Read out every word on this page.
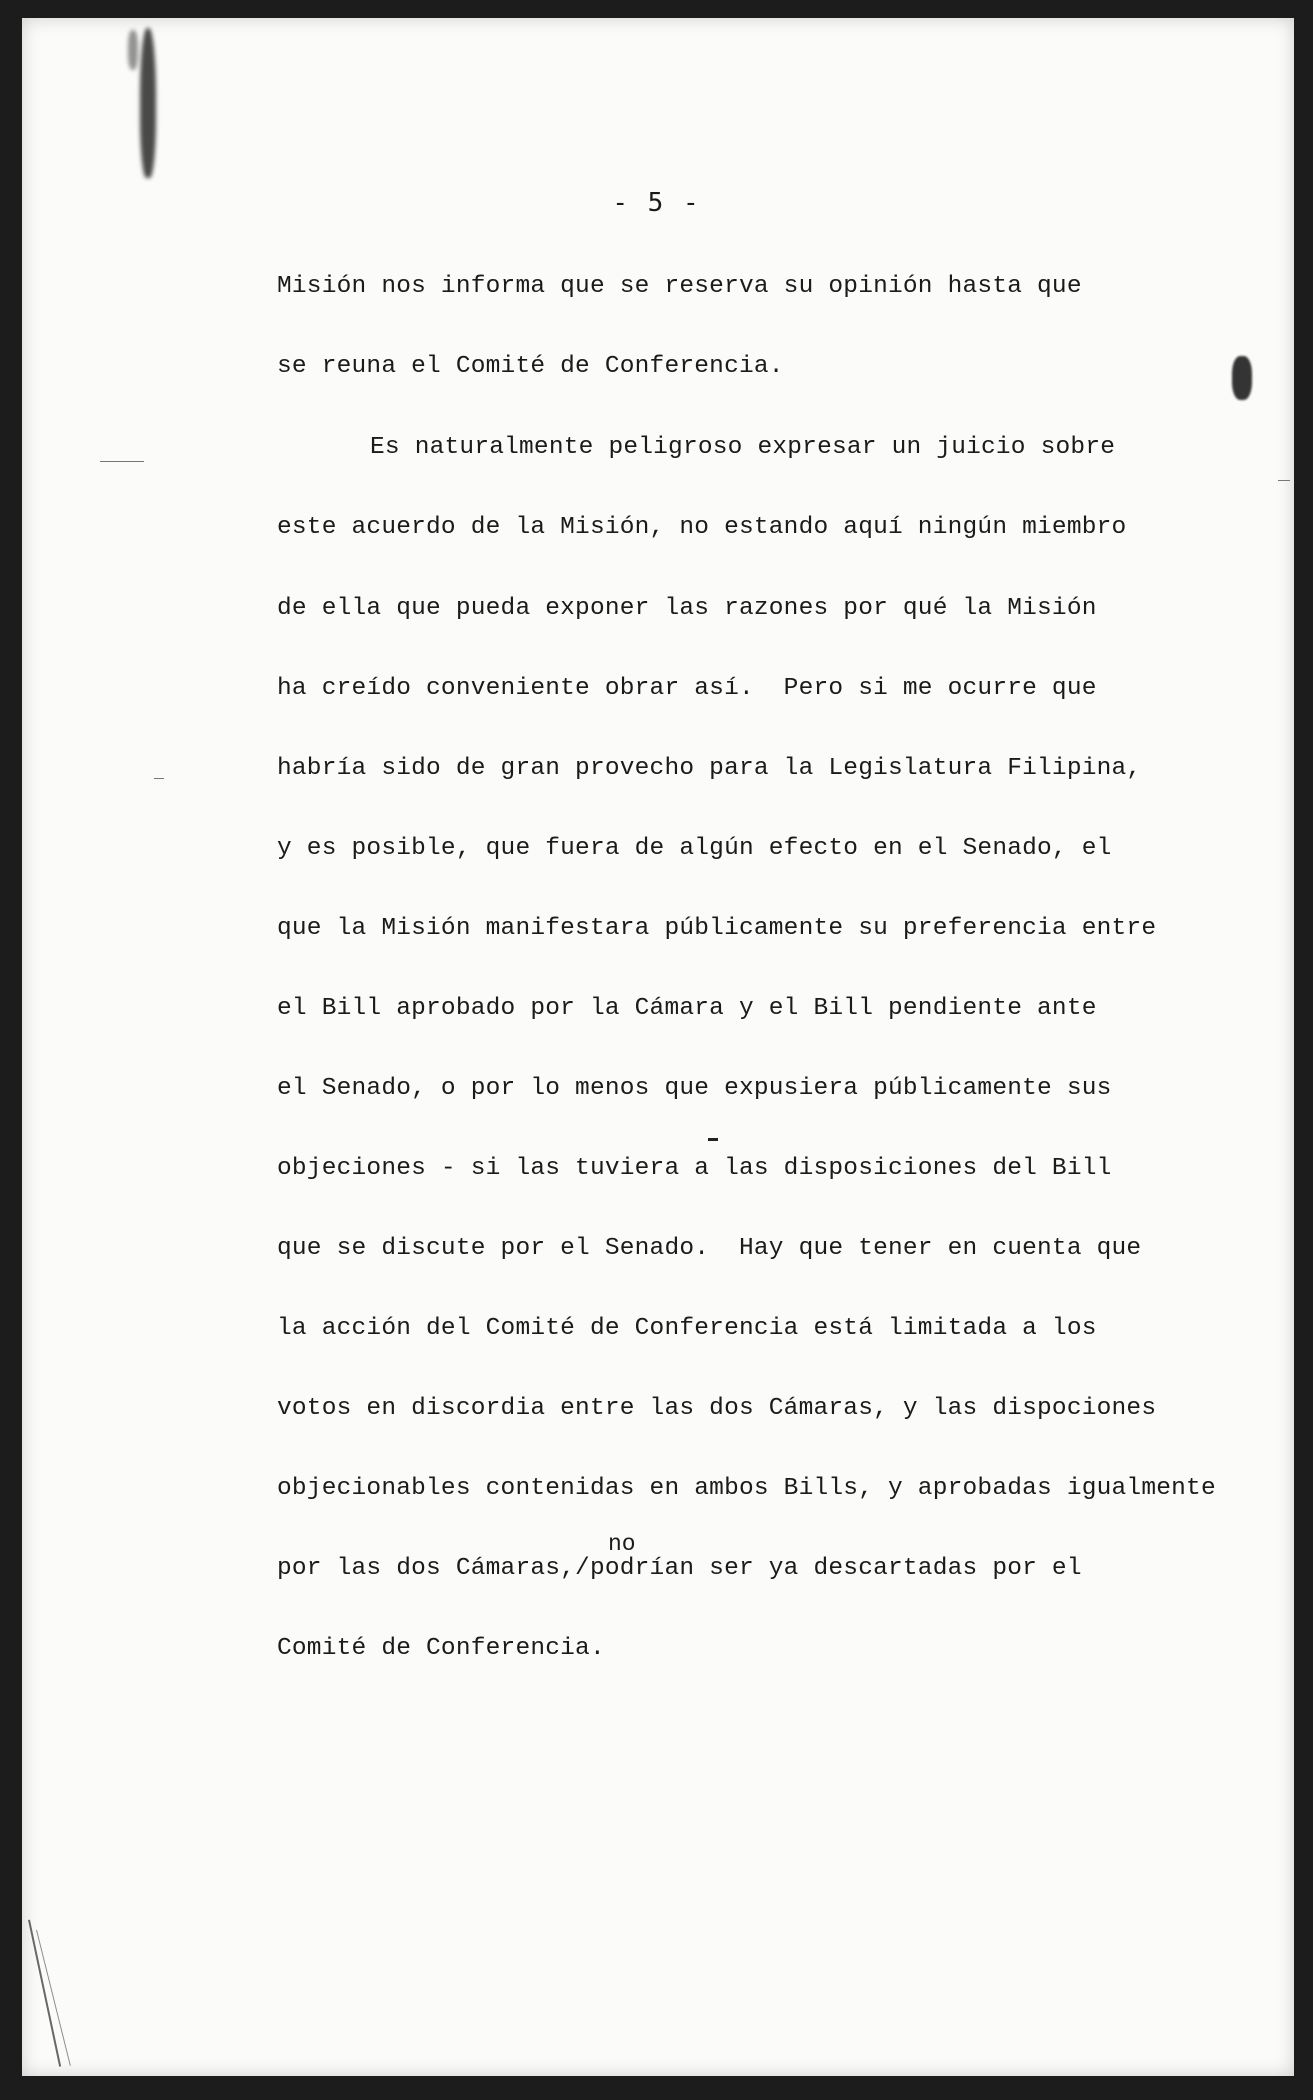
- 5 -
Misión nos informa que se reserva su opinión hasta que
se reuna el Comité de Conferencia.
Es naturalmente peligroso expresar un juicio sobre
este acuerdo de la Misión, no estando aquí ningún miembro
de ella que pueda exponer las razones por qué la Misión
ha creído conveniente obrar así.  Pero si me ocurre que
habría sido de gran provecho para la Legislatura Filipina,
y es posible, que fuera de algún efecto en el Senado, el
que la Misión manifestara públicamente su preferencia entre
el Bill aprobado por la Cámara y el Bill pendiente ante
el Senado, o por lo menos que expusiera públicamente sus
objeciones - si las tuviera a las disposiciones del Bill
que se discute por el Senado.  Hay que tener en cuenta que
la acción del Comité de Conferencia está limitada a los
votos en discordia entre las dos Cámaras, y las dispociones
objecionables contenidas en ambos Bills, y aprobadas igualmente
no
por las dos Cámaras,/podrían ser ya descartadas por el
Comité de Conferencia.
